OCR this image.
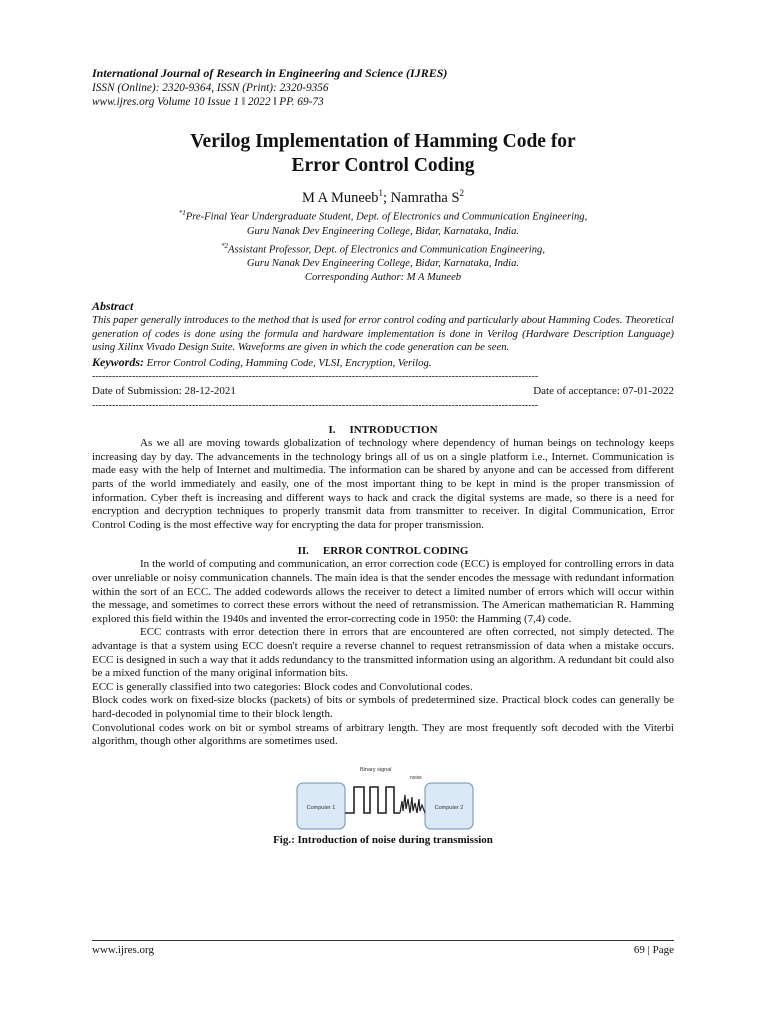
International Journal of Research in Engineering and Science (IJRES)
ISSN (Online): 2320-9364, ISSN (Print): 2320-9356
www.ijres.org Volume 10 Issue 1 ǁ 2022 ǁ PP. 69-73
Verilog Implementation of Hamming Code for
Error Control Coding
M A Muneeb$^1$; Namratha $S^2$
$^{*1}$Pre-Final Year Undergraduate Student, Dept. of Electronics and Communication Engineering,
Guru Nanak Dev Engineering College, Bidar, Karnataka, India.
$^{*2}$Assistant Professor, Dept. of Electronics and Communication Engineering,
Guru Nanak Dev Engineering College, Bidar, Karnataka, India.
Corresponding Author: M A Muneeb
Abstract
This paper generally introduces to the method that is used for error control coding and particularly about Hamming Codes. Theoretical generation of codes is done using the formula and hardware implementation is done in Verilog (Hardware Description Language) using Xilinx Vivado Design Suite. Waveforms are given in which the code generation can be seen.
Keywords: Error Control Coding, Hamming Code, VLSI, Encryption, Verilog.
--------------------------------------------------------------------------------------------------------------------------------------
Date of Submission: 28-12-2021	Date of acceptance: 07-01-2022
--------------------------------------------------------------------------------------------------------------------------------------
I. INTRODUCTION

As we all are moving towards globalization of technology where dependency of human beings on technology keeps increasing day by day. The advancements in the technology brings all of us on a single platform i.e., Internet. Communication is made easy with the help of Internet and multimedia. The information can be shared by anyone and can be accessed from different parts of the world immediately and easily, one of the most important thing to be kept in mind is the proper transmission of information. Cyber theft is increasing and different ways to hack and crack the digital systems are made, so there is a need for encryption and decryption techniques to properly transmit data from transmitter to receiver. In digital Communication, Error Control Coding is the most effective way for encrypting the data for proper transmission.

II. ERROR CONTROL CODING

In the world of computing and communication, an error correction code (ECC) is employed for controlling errors in data over unreliable or noisy communication channels. The main idea is that the sender encodes the message with redundant information within the sort of an ECC. The added codewords allows the receiver to detect a limited number of errors which will occur within the message, and sometimes to correct these errors without the need of retransmission. The American mathematician R. Hamming explored this field within the 1940s and invented the error-correcting code in 1950: the Hamming (7,4) code.

ECC contrasts with error detection there in errors that are encountered are often corrected, not simply detected. The advantage is that a system using ECC doesn't require a reverse channel to request retransmission of data when a mistake occurs. ECC is designed in such a way that it adds redundancy to the transmitted information using an algorithm. A redundant bit could also be a mixed function of the many original information bits.

ECC is generally classified into two categories: Block codes and Convolutional codes.

Block codes work on fixed-size blocks (packets) of bits or symbols of predetermined size. Practical block codes can generally be hard-decoded in polynomial time to their block length.

Convolutional codes work on bit or symbol streams of arbitrary length. They are most frequently soft decoded with the Viterbi algorithm, though other algorithms are sometimes used.

Computer 1	Computer 2
Binary signal
noise
Fig.: Introduction of noise during transmission
www.ijres.org	69 | Page
